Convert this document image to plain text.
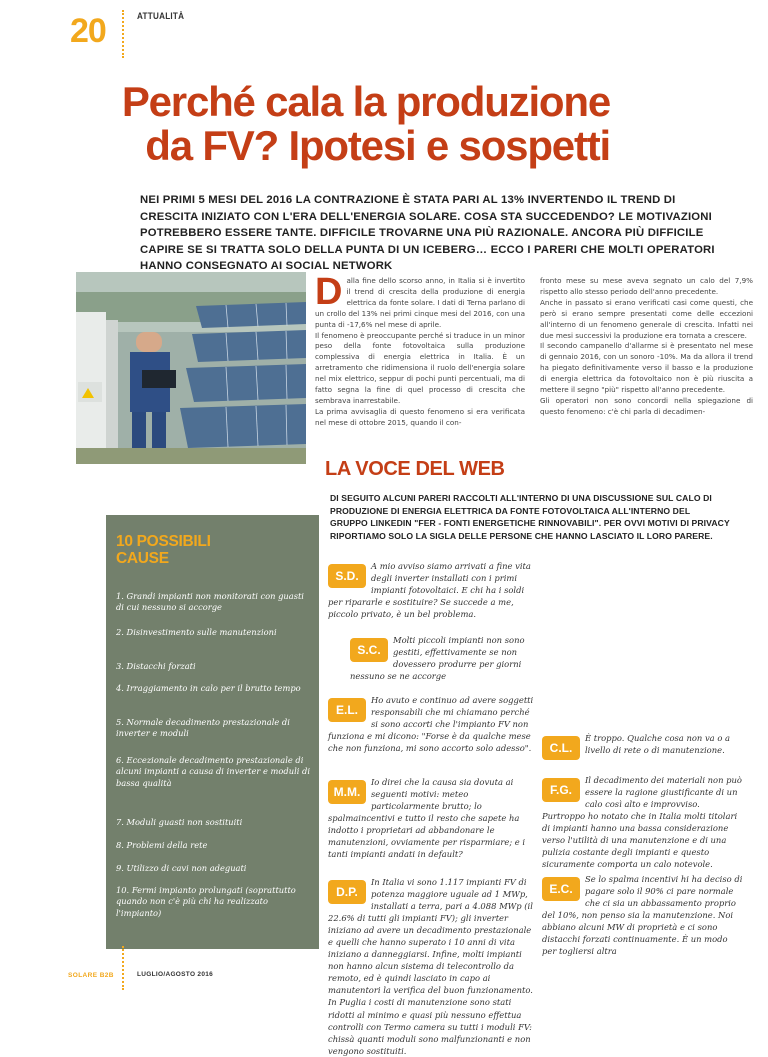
20	ATTUALITÀ
Perché cala la produzione
da FV? Ipotesi e sospetti
NEI PRIMI 5 MESI DEL 2016 LA CONTRAZIONE È STATA PARI AL 13% INVERTENDO IL TREND DI CRESCITA INIZIATO CON L'ERA DELL'ENERGIA SOLARE. COSA STA SUCCEDENDO? LE MOTIVAZIONI POTREBBERO ESSERE TANTE. DIFFICILE TROVARNE UNA PIÙ RAZIONALE. ANCORA PIÙ DIFFICILE CAPIRE SE SI TRATTA SOLO DELLA PUNTA DI UN ICEBERG… ECCO I PARERI CHE MOLTI OPERATORI HANNO CONSEGNATO AI SOCIAL NETWORK
D alla fine dello scorso anno, in Italia si è invertito il trend di crescita della produzione di energia elettrica da fonte solare. I dati di Terna parlano di un crollo del 13% nei primi cinque mesi del 2016, con una punta di -17,6% nel mese di aprile.

Il fenomeno è preoccupante perché si traduce in un minor peso della fonte fotovoltaica sulla produzione complessiva di energia elettrica in Italia. È un arretramento che ridimensiona il ruolo dell'energia solare nel mix elettrico, seppur di pochi punti percentuali, ma di fatto segna la fine di quel processo di crescita che sembrava inarrestabile.

La prima avvisaglia di questo fenomeno si era verificata nel mese di ottobre 2015, quando il con-

fronto mese su mese aveva segnato un calo del 7,9% rispetto allo stesso periodo dell'anno precedente.

Anche in passato si erano verificati casi come questi, che però si erano sempre presentati come delle eccezioni all'interno di un fenomeno generale di crescita. Infatti nei due mesi successivi la produzione era tornata a crescere.

Il secondo campanello d'allarme si è presentato nel mese di gennaio 2016, con un sonoro -10%. Ma da allora il trend ha piegato definitivamente verso il basso e la produzione di energia elettrica da fotovoltaico non è più riuscita a mettere il segno "più" rispetto all'anno precedente.

Gli operatori non sono concordi nella spiegazione di questo fenomeno: c'è chi parla di decadimen-

LA VOCE DEL WEB
DI SEGUITO ALCUNI PARERI RACCOLTI ALL'INTERNO DI UNA DISCUSSIONE SUL CALO DI PRODUZIONE DI ENERGIA ELETTRICA DA FONTE FOTOVOLTAICA ALL'INTERNO DEL GRUPPO LINKEDIN "FER - FONTI ENERGETICHE RINNOVABILI". PER OVVI MOTIVI DI PRIVACY RIPORTIAMO SOLO LA SIGLA DELLE PERSONE CHE HANNO LASCIATO IL LORO PARERE.
10 POSSIBILI
CAUSE
1. Grandi impianti non monitorati con guasti di cui nessuno si accorge
2. Disinvestimento sulle manutenzioni
3. Distacchi forzati
4. Irraggiamento in calo per il brutto tempo
5. Normale decadimento prestazionale di inverter e moduli
6. Eccezionale decadimento prestazionale di alcuni impianti a causa di inverter e moduli di bassa qualità
7. Moduli guasti non sostituiti
8. Problemi della rete
9. Utilizzo di cavi non adeguati
10. Fermi impianto prolungati (soprattutto quando non c'è più chi ha realizzato l'impianto)
S.D.

A mio avviso siamo arrivati a fine vita degli inverter installati con i primi impianti fotovoltaici. E chi ha i soldi per ripararle e sostituire? Se succede a me, piccolo privato, è un bel problema.

S.C.

Molti piccoli impianti non sono gestiti, effettivamente se non dovessero produrre per giorni nessuno se ne accorge

E.L.

Ho avuto e continuo ad avere soggetti responsabili che mi chiamano perché si sono accorti che l'impianto FV non funziona e mi dicono: "Forse è da qualche mese che non funziona, mi sono accorto solo adesso".

M.M.

Io direi che la causa sia dovuta ai seguenti motivi: meteo particolarmente brutto; lo spalmaincentivi e tutto il resto che sapete ha indotto i proprietari ad abbandonare le manutenzioni, ovviamente per risparmiare; e i tanti impianti andati in default?

D.P.

In Italia vi sono 1.117 impianti FV di potenza maggiore uguale ad 1 MWp, installati a terra, pari a 4.088 MWp (il 22.6% di tutti gli impianti FV); gli inverter iniziano ad avere un decadimento prestazionale e quelli che hanno superato i 10 anni di vita iniziano a danneggiarsi. Infine, molti impianti non hanno alcun sistema di telecontrollo da remoto, ed è quindi lasciato in capo ai manutentori la verifica del buon funzionamento. In Puglia i costi di manutenzione sono stati ridotti al minimo e quasi più nessuno effettua controlli con Termo camera su tutti i moduli FV: chissà quanti moduli sono malfunzionanti e non vengono sostituiti.

C.L.

È troppo. Qualche cosa non va o a livello di rete o di manutenzione.

F.G.

Il decadimento dei materiali non può essere la ragione giustificante di un calo così alto e improvviso. Purtroppo ho notato che in Italia molti titolari di impianti hanno una bassa considerazione verso l'utilità di una manutenzione e di una pulizia costante degli impianti e questo sicuramente comporta un calo notevole.

E.C.

Se lo spalma incentivi hi ha deciso di pagare solo il 90% ci pare normale che ci sia un abbassamento proprio del 10%, non penso sia la manutenzione. Noi abbiano alcuni MW di proprietà e ci sono distacchi forzati continuamente. È un modo per togliersi altra

SOLARE B2B	LUGLIO/AGOSTO 2016
